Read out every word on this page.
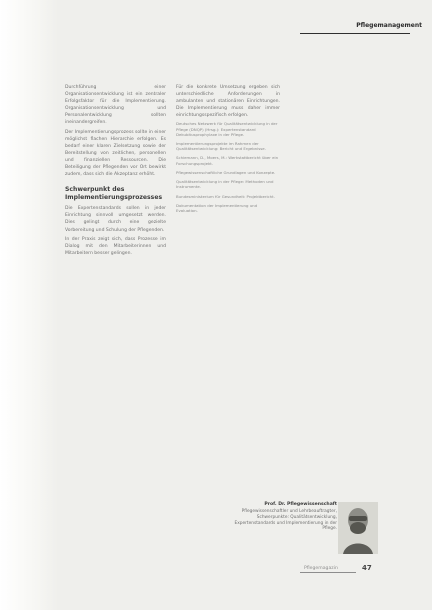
Pflegemanagement

Durchführung einer Organisationsentwicklung ist ein zentraler Erfolgsfaktor für die Implementierung. Organisationsentwicklung und Personalentwicklung sollten ineinandergreifen.

Der Implementierungsprozess sollte in einer möglichst flachen Hierarchie erfolgen. Es bedarf einer klaren Zielsetzung sowie der Bereitstellung von zeitlichen, personellen und finanziellen Ressourcen. Die Beteiligung der Pflegenden vor Ort bewirkt zudem, dass sich die Akzeptanz erhöht.

Schwerpunkt des Implementierungsprozesses

Die Expertenstandards sollen in jeder Einrichtung sinnvoll umgesetzt werden. Dies gelingt durch eine gezielte Vorbereitung und Schulung der Pflegenden.

In der Praxis zeigt sich, dass Prozesse im Dialog mit den Mitarbeiterinnen und Mitarbeitern besser gelingen.

Für die konkrete Umsetzung ergeben sich unterschiedliche Anforderungen in ambulanten und stationären Einrichtungen. Die Implementierung muss daher immer einrichtungsspezifisch erfolgen.

Deutsches Netzwerk für Qualitätsentwicklung in der Pflege (DNQP) (Hrsg.): Expertenstandard Dekubitusprophylaxe in der Pflege.
Implementierungsprojekte im Rahmen der Qualitätsentwicklung: Bericht und Ergebnisse.
Schiemann, D., Moers, M.: Werkstattbericht über ein Forschungsprojekt.
Pflegewissenschaftliche Grundlagen und Konzepte.
Qualitätsentwicklung in der Pflege: Methoden und Instrumente.
Bundesministerium für Gesundheit: Projektbericht.
Dokumentation der Implementierung und Evaluation.
Prof. Dr. Pflegewissenschaft
Pflegewissenschaftler und Lehrbeauftragter, Schwerpunkte: Qualitätsentwicklung, Expertenstandards und Implementierung in der Pflege.
Pflegemagazin	47
